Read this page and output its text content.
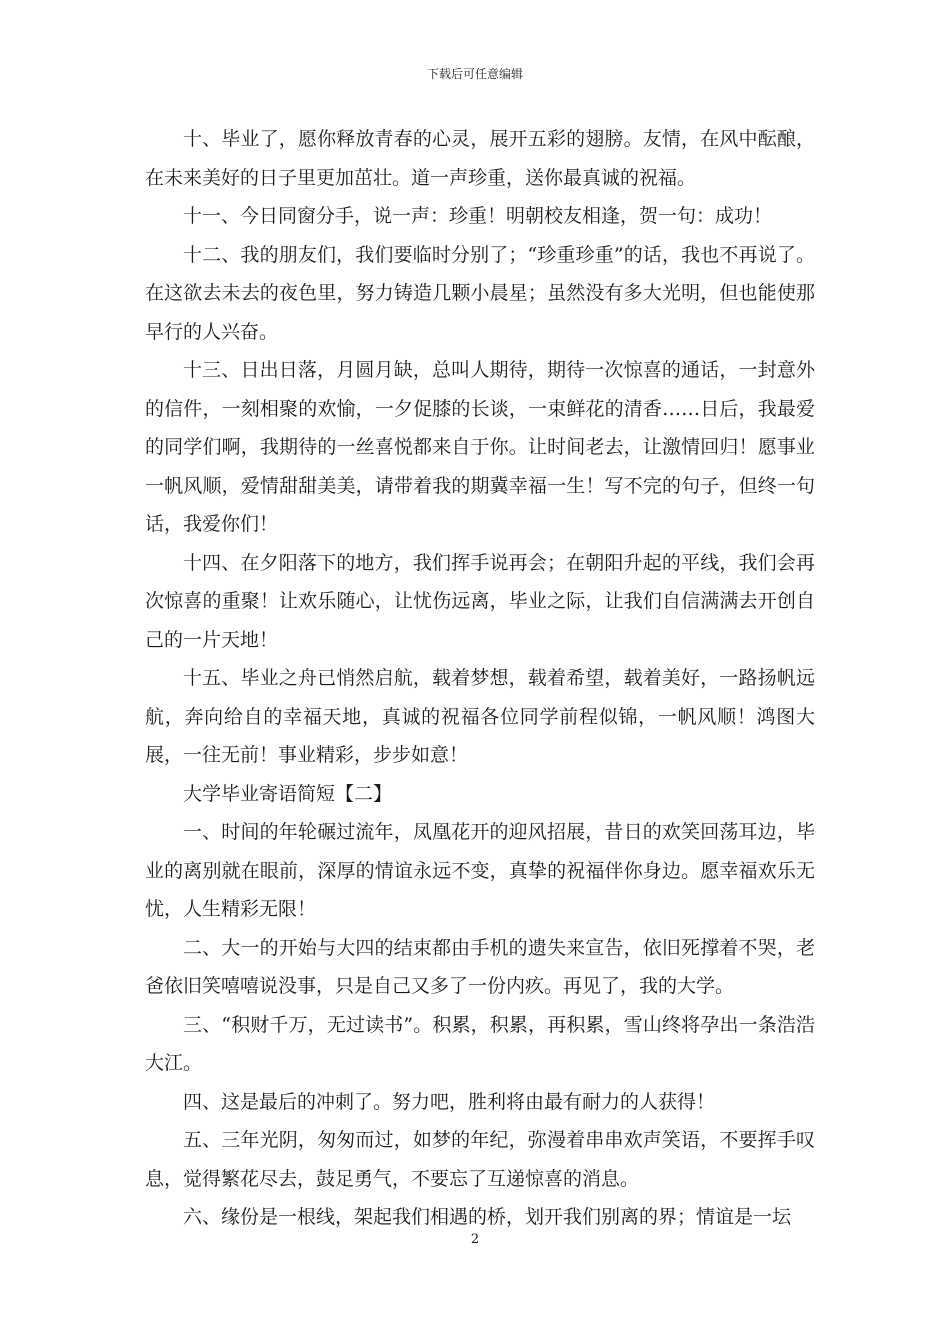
下载后可任意编辑

十、毕业了，愿你释放青春的心灵，展开五彩的翅膀。友情，在风中酝酿，在未来美好的日子里更加茁壮。道一声珍重，送你最真诚的祝福。

十一、今日同窗分手，说一声：珍重！明朝校友相逢，贺一句：成功！

十二、我的朋友们，我们要临时分别了；“珍重珍重”的话，我也不再说了。在这欲去未去的夜色里，努力铸造几颗小晨星；虽然没有多大光明，但也能使那早行的人兴奋。

十三、日出日落，月圆月缺，总叫人期待，期待一次惊喜的通话，一封意外的信件，一刻相聚的欢愉，一夕促膝的长谈，一束鲜花的清香……日后，我最爱的同学们啊，我期待的一丝喜悦都来自于你。让时间老去，让激情回归！愿事业一帆风顺，爱情甜甜美美，请带着我的期冀幸福一生！写不完的句子，但终一句话，我爱你们！

十四、在夕阳落下的地方，我们挥手说再会；在朝阳升起的平线，我们会再次惊喜的重聚！让欢乐随心，让忧伤远离，毕业之际，让我们自信满满去开创自己的一片天地！

十五、毕业之舟已悄然启航，载着梦想，载着希望，载着美好，一路扬帆远航，奔向给自的幸福天地，真诚的祝福各位同学前程似锦，一帆风顺！鸿图大展，一往无前！事业精彩，步步如意！

大学毕业寄语简短【二】

一、时间的年轮碾过流年，凤凰花开的迎风招展，昔日的欢笑回荡耳边，毕业的离别就在眼前，深厚的情谊永远不变，真挚的祝福伴你身边。愿幸福欢乐无忧，人生精彩无限！

二、大一的开始与大四的结束都由手机的遗失来宣告，依旧死撑着不哭，老爸依旧笑嘻嘻说没事，只是自己又多了一份内疚。再见了，我的大学。

三、“积财千万，无过读书”。积累，积累，再积累，雪山终将孕出一条浩浩大江。

四、这是最后的冲刺了。努力吧，胜利将由最有耐力的人获得！

五、三年光阴，匆匆而过，如梦的年纪，弥漫着串串欢声笑语，不要挥手叹息，觉得繁花尽去，鼓足勇气，不要忘了互递惊喜的消息。

六、缘份是一根线，架起我们相遇的桥，划开我们别离的界；情谊是一坛

2
